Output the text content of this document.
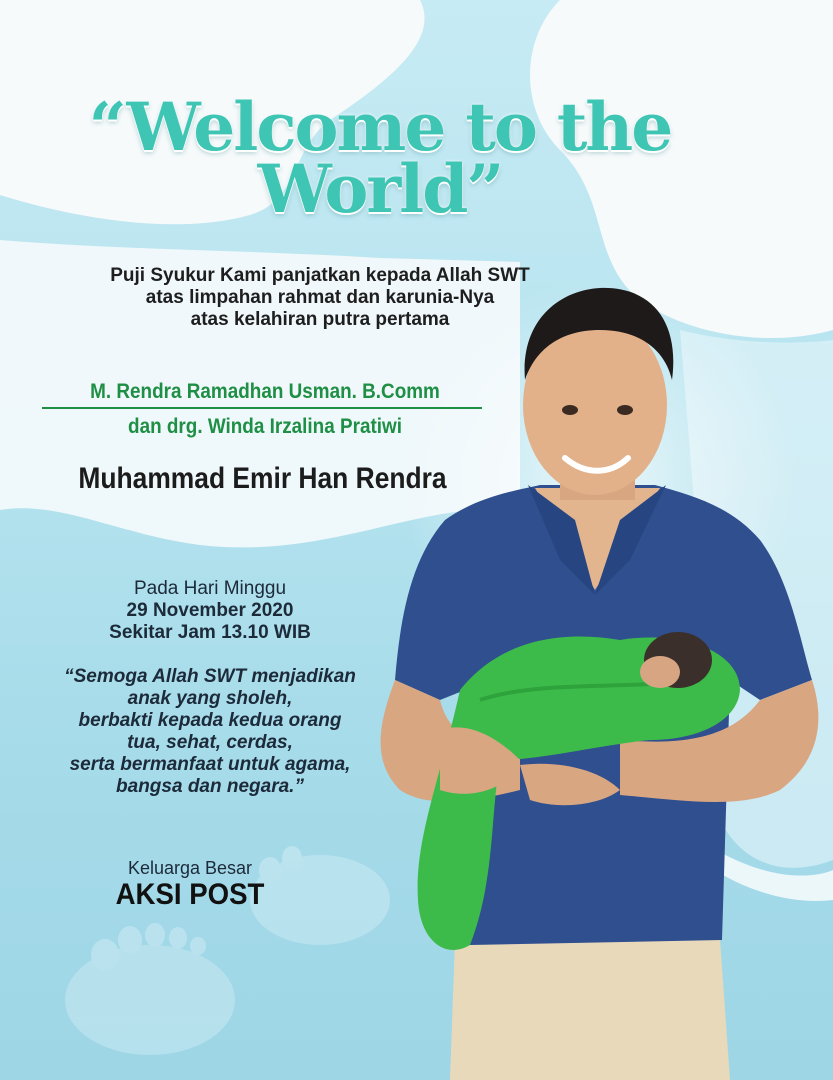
“Welcome to the
World”
Puji Syukur Kami panjatkan kepada Allah SWT
atas limpahan rahmat dan karunia-Nya
atas kelahiran putra pertama
M. Rendra Ramadhan Usman. B.Comm
dan drg. Winda Irzalina Pratiwi
Muhammad Emir Han Rendra
Pada Hari Minggu
29 November 2020
Sekitar Jam 13.10 WIB
“Semoga Allah SWT menjadikan
anak yang sholeh,
berbakti kepada kedua orang
tua, sehat, cerdas,
serta bermanfaat untuk agama,
bangsa dan negara.”
Keluarga Besar
AKSI POST
